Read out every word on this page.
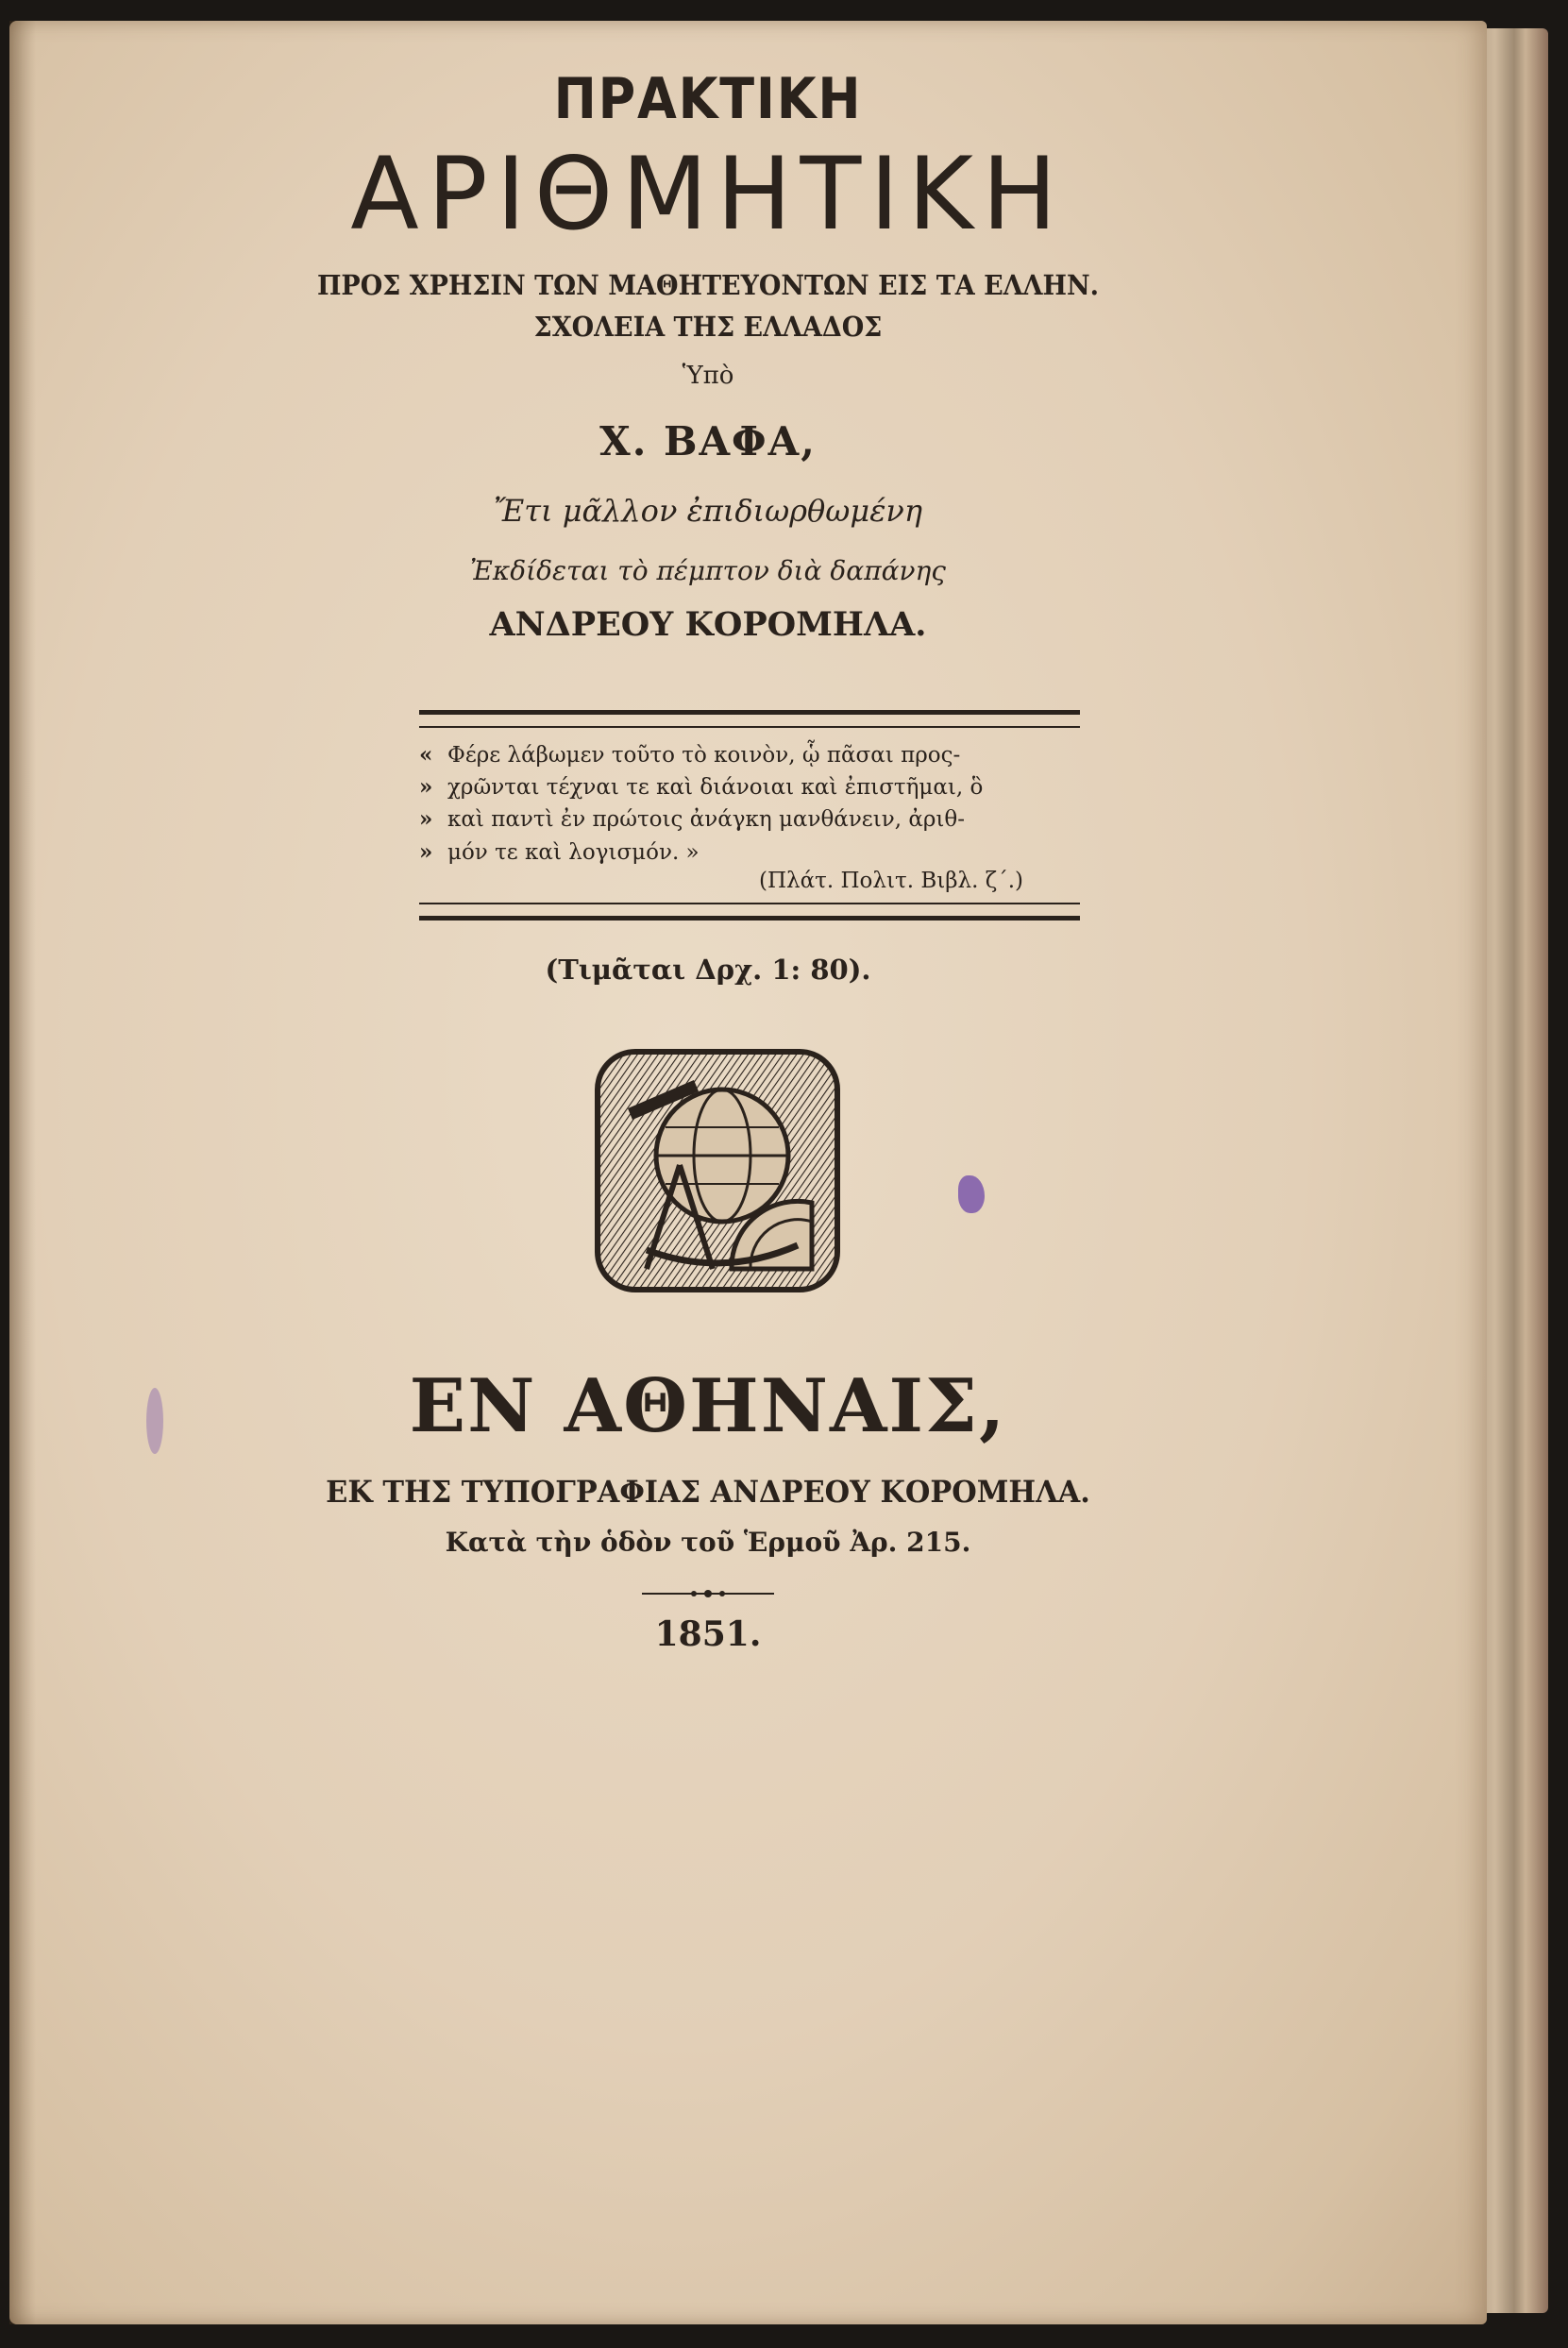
ΠΡΑΚΤΙΚΗ
ΑΡΙΘΜΗΤΙΚΗ
ΠΡΟΣ ΧΡΗΣΙΝ ΤΩΝ ΜΑΘΗΤΕΥΟΝΤΩΝ ΕΙΣ ΤΑ ΕΛΛΗΝ.
ΣΧΟΛΕΙΑ ΤΗΣ ΕΛΛΑΔΟΣ
Ὑπὸ
Χ. ΒΑΦΑ,
Ἔτι μᾶλλον ἐπιδιωρθωμένη
Ἐκδίδεται τὸ πέμπτον διὰ δαπάνης
ΑΝΔΡΕΟΥ ΚΟΡΟΜΗΛΑ.
« Φέρε λάβωμεν τοῦτο τὸ κοινὸν, ᾧ πᾶσαι προς-
» χρῶνται τέχναι τε καὶ διάνοιαι καὶ ἐπιστῆμαι, ὃ
» καὶ παντὶ ἐν πρώτοις ἀνάγκη μανθάνειν, ἀριθ-
» μόν τε καὶ λογισμόν. »
(Πλάτ. Πολιτ. Βιβλ. ζ΄.)
(Τιμᾶται Δρχ. 1: 80).
ΕΝ ΑΘΗΝΑΙΣ,
ΕΚ ΤΗΣ ΤΥΠΟΓΡΑΦΙΑΣ ΑΝΔΡΕΟΥ ΚΟΡΟΜΗΛΑ.
Κατὰ τὴν ὁδὸν τοῦ Ἑρμοῦ Ἀρ. 215.
1851.
